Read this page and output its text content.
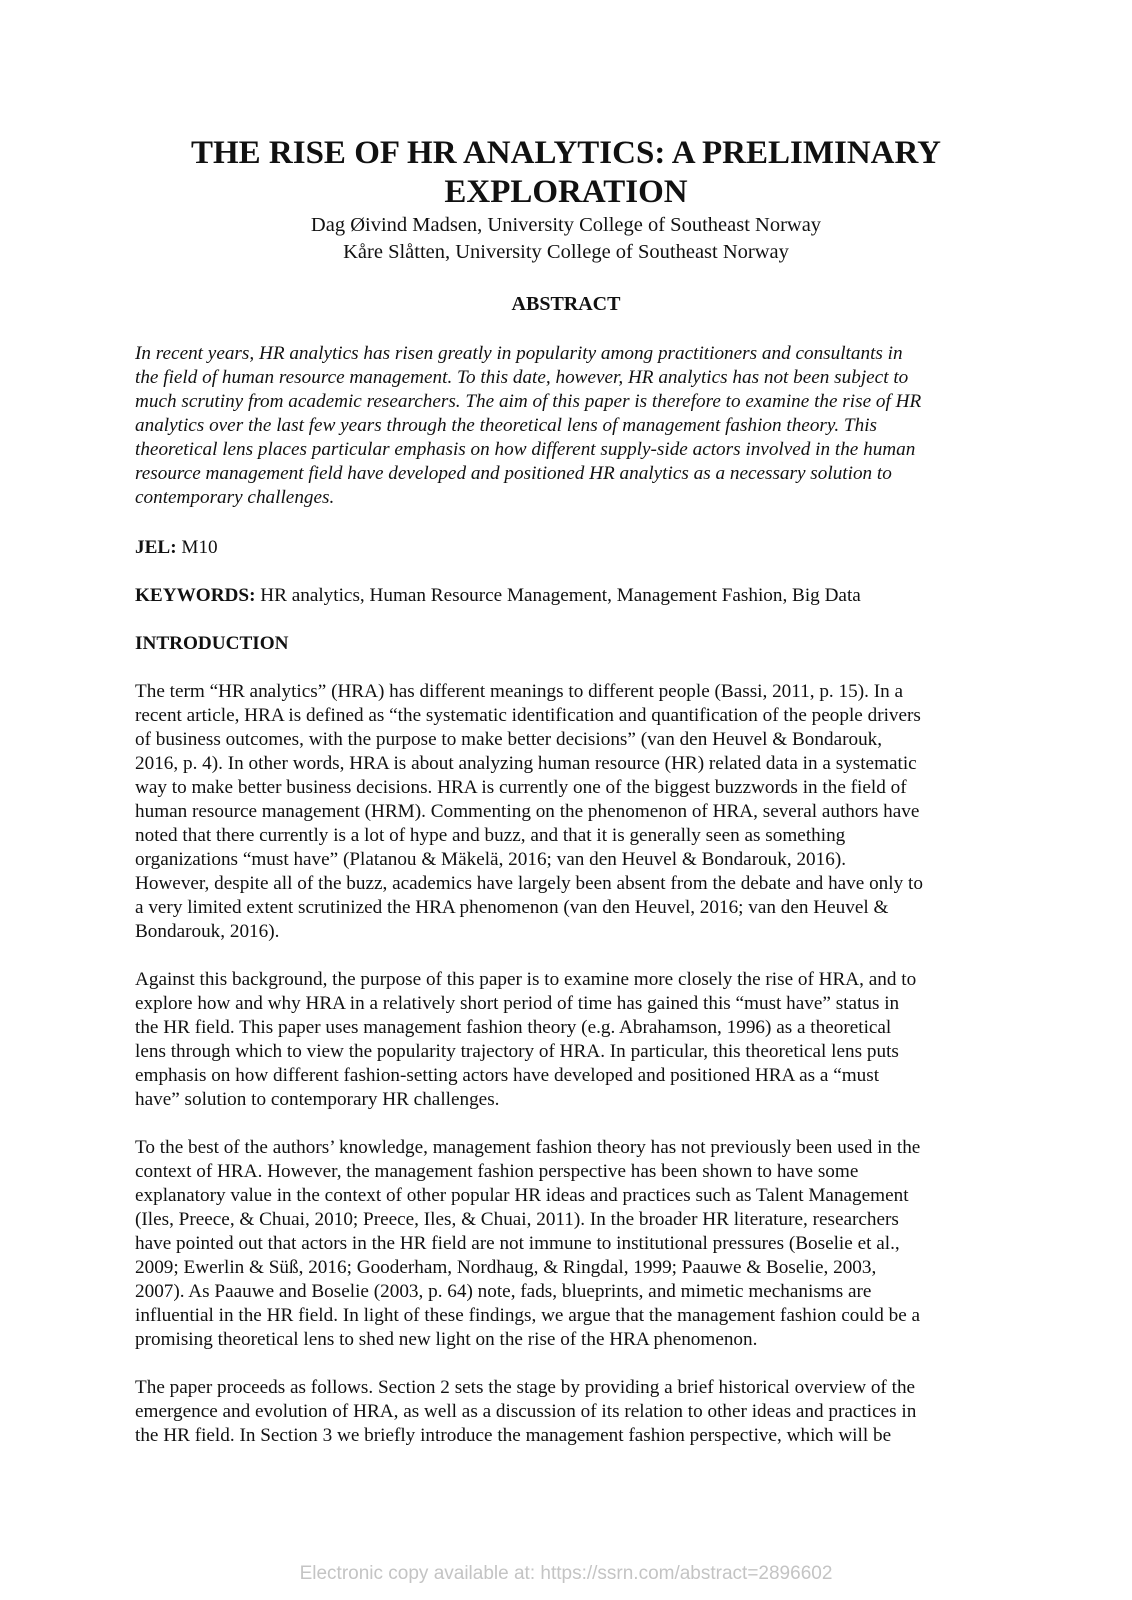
THE RISE OF HR ANALYTICS: A PRELIMINARY
EXPLORATION
Dag Øivind Madsen, University College of Southeast Norway
Kåre Slåtten, University College of Southeast Norway
ABSTRACT
In recent years, HR analytics has risen greatly in popularity among practitioners and consultants in
the field of human resource management. To this date, however, HR analytics has not been subject to
much scrutiny from academic researchers. The aim of this paper is therefore to examine the rise of HR
analytics over the last few years through the theoretical lens of management fashion theory. This
theoretical lens places particular emphasis on how different supply-side actors involved in the human
resource management field have developed and positioned HR analytics as a necessary solution to
contemporary challenges.
JEL: M10
KEYWORDS: HR analytics, Human Resource Management, Management Fashion, Big Data
INTRODUCTION
The term “HR analytics” (HRA) has different meanings to different people (Bassi, 2011, p. 15). In a
recent article, HRA is defined as “the systematic identification and quantification of the people drivers
of business outcomes, with the purpose to make better decisions” (van den Heuvel & Bondarouk,
2016, p. 4). In other words, HRA is about analyzing human resource (HR) related data in a systematic
way to make better business decisions. HRA is currently one of the biggest buzzwords in the field of
human resource management (HRM). Commenting on the phenomenon of HRA, several authors have
noted that there currently is a lot of hype and buzz, and that it is generally seen as something
organizations “must have” (Platanou & Mäkelä, 2016; van den Heuvel & Bondarouk, 2016).
However, despite all of the buzz, academics have largely been absent from the debate and have only to
a very limited extent scrutinized the HRA phenomenon (van den Heuvel, 2016; van den Heuvel &
Bondarouk, 2016).
Against this background, the purpose of this paper is to examine more closely the rise of HRA, and to
explore how and why HRA in a relatively short period of time has gained this “must have” status in
the HR field. This paper uses management fashion theory (e.g. Abrahamson, 1996) as a theoretical
lens through which to view the popularity trajectory of HRA. In particular, this theoretical lens puts
emphasis on how different fashion-setting actors have developed and positioned HRA as a “must
have” solution to contemporary HR challenges.
To the best of the authors’ knowledge, management fashion theory has not previously been used in the
context of HRA. However, the management fashion perspective has been shown to have some
explanatory value in the context of other popular HR ideas and practices such as Talent Management
(Iles, Preece, & Chuai, 2010; Preece, Iles, & Chuai, 2011). In the broader HR literature, researchers
have pointed out that actors in the HR field are not immune to institutional pressures (Boselie et al.,
2009; Ewerlin & Süß, 2016; Gooderham, Nordhaug, & Ringdal, 1999; Paauwe & Boselie, 2003,
2007). As Paauwe and Boselie (2003, p. 64) note, fads, blueprints, and mimetic mechanisms are
influential in the HR field. In light of these findings, we argue that the management fashion could be a
promising theoretical lens to shed new light on the rise of the HRA phenomenon.
The paper proceeds as follows. Section 2 sets the stage by providing a brief historical overview of the
emergence and evolution of HRA, as well as a discussion of its relation to other ideas and practices in
the HR field. In Section 3 we briefly introduce the management fashion perspective, which will be
Electronic copy available at: https://ssrn.com/abstract=2896602
